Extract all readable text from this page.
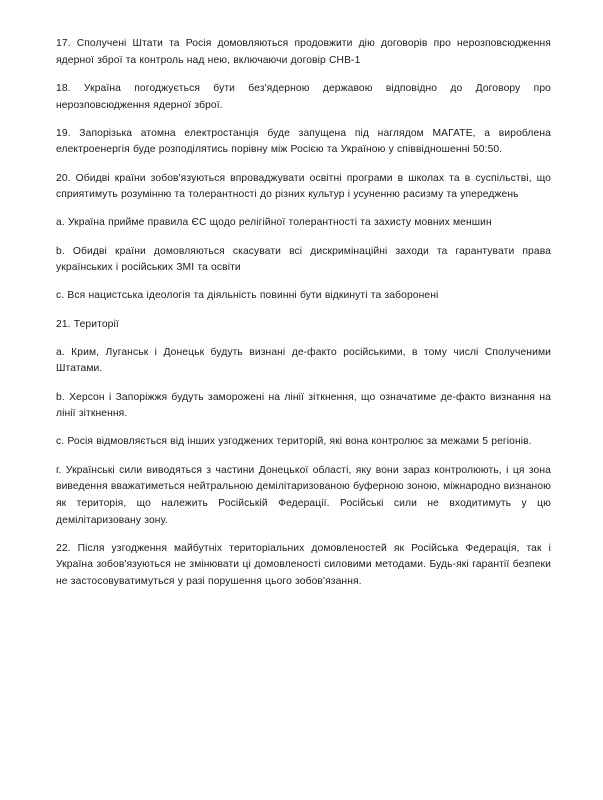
17. Сполучені Штати та Росія домовляються продовжити дію договорів про нерозповсюдження ядерної зброї та контроль над нею, включаючи договір СНВ-1

18. Україна погоджується бути без'ядерною державою відповідно до Договору про нерозповсюдження ядерної зброї.

19. Запорізька атомна електростанція буде запущена під наглядом МАГАТЕ, а вироблена електроенергія буде розподілятись порівну між Росією та Україною у співвідношенні 50:50.

20. Обидві країни зобов'язуються впроваджувати освітні програми в школах та в суспільстві, що сприятимуть розумінню та толерантності до різних культур і усуненню расизму та упереджень

a. Україна прийме правила ЄС щодо релігійної толерантності та захисту мовних меншин

b. Обидві країни домовляються скасувати всі дискримінаційні заходи та гарантувати права українських і російських ЗМІ та освіти

c. Вся нацистська ідеологія та діяльність повинні бути відкинуті та заборонені

21. Території

a. Крим, Луганськ і Донецьк будуть визнані де-факто російськими, в тому числі Сполученими Штатами.

b. Херсон і Запоріжжя будуть заморожені на лінії зіткнення, що означатиме де-факто визнання на лінії зіткнення.

c. Росія відмовляється від інших узгоджених територій, які вона контролює за межами 5 регіонів.

г. Українські сили виводяться з частини Донецької області, яку вони зараз контролюють, і ця зона виведення вважатиметься нейтральною демілітаризованою буферною зоною, міжнародно визнаною як територія, що належить Російській Федерації. Російські сили не входитимуть у цю демілітаризовану зону.

22. Після узгодження майбутніх територіальних домовленостей як Російська Федерація, так і Україна зобов'язуються не змінювати ці домовленості силовими методами. Будь-які гарантії безпеки не застосовуватимуться у разі порушення цього зобов'язання.
